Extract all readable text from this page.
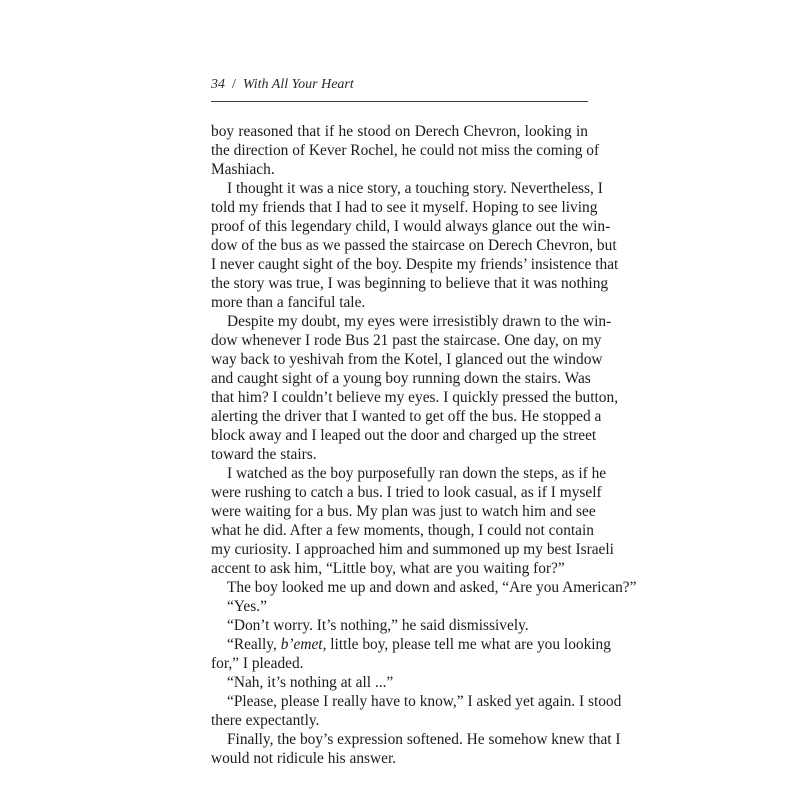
34 / With All Your Heart
boy reasoned that if he stood on Derech Chevron, looking in
the direction of Kever Rochel, he could not miss the coming of
Mashiach.
I thought it was a nice story, a touching story. Nevertheless, I
told my friends that I had to see it myself. Hoping to see living
proof of this legendary child, I would always glance out the win-
dow of the bus as we passed the staircase on Derech Chevron, but
I never caught sight of the boy. Despite my friends’ insistence that
the story was true, I was beginning to believe that it was nothing
more than a fanciful tale.
Despite my doubt, my eyes were irresistibly drawn to the win-
dow whenever I rode Bus 21 past the staircase. One day, on my
way back to yeshivah from the Kotel, I glanced out the window
and caught sight of a young boy running down the stairs. Was
that him? I couldn’t believe my eyes. I quickly pressed the button,
alerting the driver that I wanted to get off the bus. He stopped a
block away and I leaped out the door and charged up the street
toward the stairs.
I watched as the boy purposefully ran down the steps, as if he
were rushing to catch a bus. I tried to look casual, as if I myself
were waiting for a bus. My plan was just to watch him and see
what he did. After a few moments, though, I could not contain
my curiosity. I approached him and summoned up my best Israeli
accent to ask him, “Little boy, what are you waiting for?”
The boy looked me up and down and asked, “Are you American?”
“Yes.”
“Don’t worry. It’s nothing,” he said dismissively.
“Really, b’emet, little boy, please tell me what are you looking
for,” I pleaded.
“Nah, it’s nothing at all ...”
“Please, please I really have to know,” I asked yet again. I stood
there expectantly.
Finally, the boy’s expression softened. He somehow knew that I
would not ridicule his answer.
